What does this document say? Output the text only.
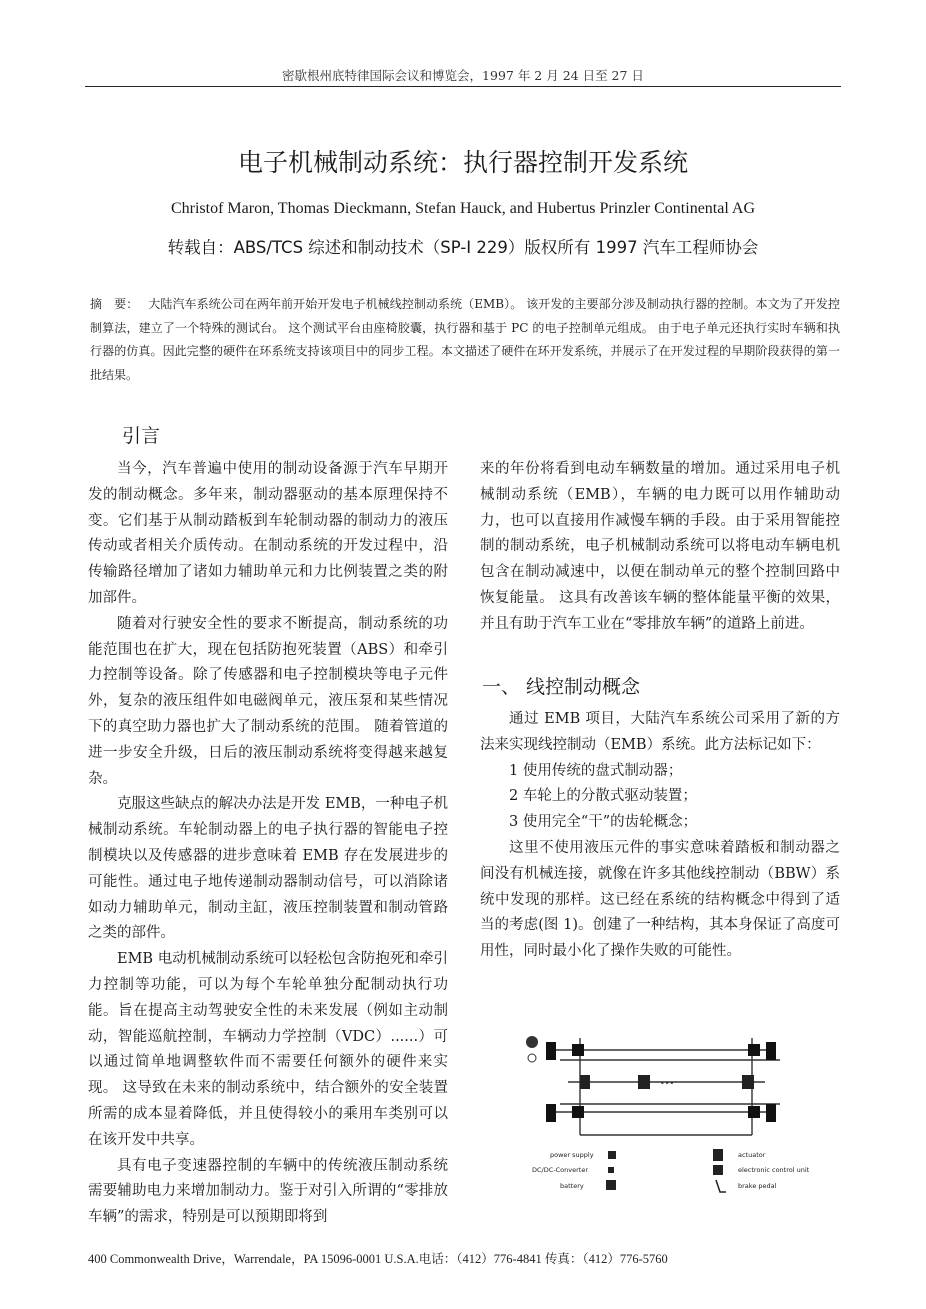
密歇根州底特律国际会议和博览会，1997 年 2 月 24 日至 27 日
电子机械制动系统：执行器控制开发系统
Christof Maron, Thomas Dieckmann, Stefan Hauck, and Hubertus Prinzler Continental AG
转载自：ABS/TCS 综述和制动技术（SP-I 229）版权所有 1997 汽车工程师协会
摘　要： 大陆汽车系统公司在两年前开始开发电子机械线控制动系统（EMB）。 该开发的主要部分涉及制动执行器的控制。本文为了开发控制算法，建立了一个特殊的测试台。 这个测试平台由座椅胶囊，执行器和基于 PC 的电子控制单元组成。 由于电子单元还执行实时车辆和执行器的仿真。因此完整的硬件在环系统支持该项目中的同步工程。本文描述了硬件在环开发系统，并展示了在开发过程的早期阶段获得的第一批结果。
引言

当今，汽车普遍中使用的制动设备源于汽车早期开发的制动概念。多年来，制动器驱动的基本原理保持不变。它们基于从制动踏板到车轮制动器的制动力的液压传动或者相关介质传动。在制动系统的开发过程中，沿传输路径增加了诸如力辅助单元和力比例装置之类的附加部件。

随着对行驶安全性的要求不断提高，制动系统的功能范围也在扩大，现在包括防抱死装置（ABS）和牵引力控制等设备。除了传感器和电子控制模块等电子元件外，复杂的液压组件如电磁阀单元，液压泵和某些情况下的真空助力器也扩大了制动系统的范围。 随着管道的进一步安全升级，日后的液压制动系统将变得越来越复杂。

克服这些缺点的解决办法是开发 EMB，一种电子机械制动系统。车轮制动器上的电子执行器的智能电子控制模块以及传感器的进步意味着 EMB 存在发展进步的可能性。通过电子地传递制动器制动信号，可以消除诸如动力辅助单元，制动主缸，液压控制装置和制动管路之类的部件。

EMB 电动机械制动系统可以轻松包含防抱死和牵引力控制等功能，可以为每个车轮单独分配制动执行功能。旨在提高主动驾驶安全性的未来发展（例如主动制动，智能巡航控制，车辆动力学控制（VDC）......）可以通过简单地调整软件而不需要任何额外的硬件来实现。 这导致在未来的制动系统中，结合额外的安全装置所需的成本显着降低，并且使得较小的乘用车类别可以在该开发中共享。

具有电子变速器控制的车辆中的传统液压制动系统需要辅助电力来增加制动力。鉴于对引入所谓的“零排放车辆”的需求，特别是可以预期即将到

来的年份将看到电动车辆数量的增加。通过采用电子机械制动系统（EMB），车辆的电力既可以用作辅助动力，也可以直接用作减慢车辆的手段。由于采用智能控制的制动系统，电子机械制动系统可以将电动车辆电机包含在制动减速中，以便在制动单元的整个控制回路中恢复能量。 这具有改善该车辆的整体能量平衡的效果，并且有助于汽车工业在“零排放车辆”的道路上前进。

一、 线控制动概念

通过 EMB 项目，大陆汽车系统公司采用了新的方法来实现线控制动（EMB）系统。此方法标记如下：

1 使用传统的盘式制动器；

2 车轮上的分散式驱动装置；

3 使用完全“干”的齿轮概念；

这里不使用液压元件的事实意味着踏板和制动器之间没有机械连接，就像在许多其他线控制动（BBW）系统中发现的那样。这已经在系统的结构概念中得到了适当的考虑(图 1)。创建了一种结构，其本身保证了高度可用性，同时最小化了操作失败的可能性。

•••
power supply
DC/DC-Converter
battery
actuator
electronic control unit
brake pedal
400 Commonwealth Drive，Warrendale，PA 15096-0001 U.S.A.电话：（412）776-4841 传真：（412）776-5760
